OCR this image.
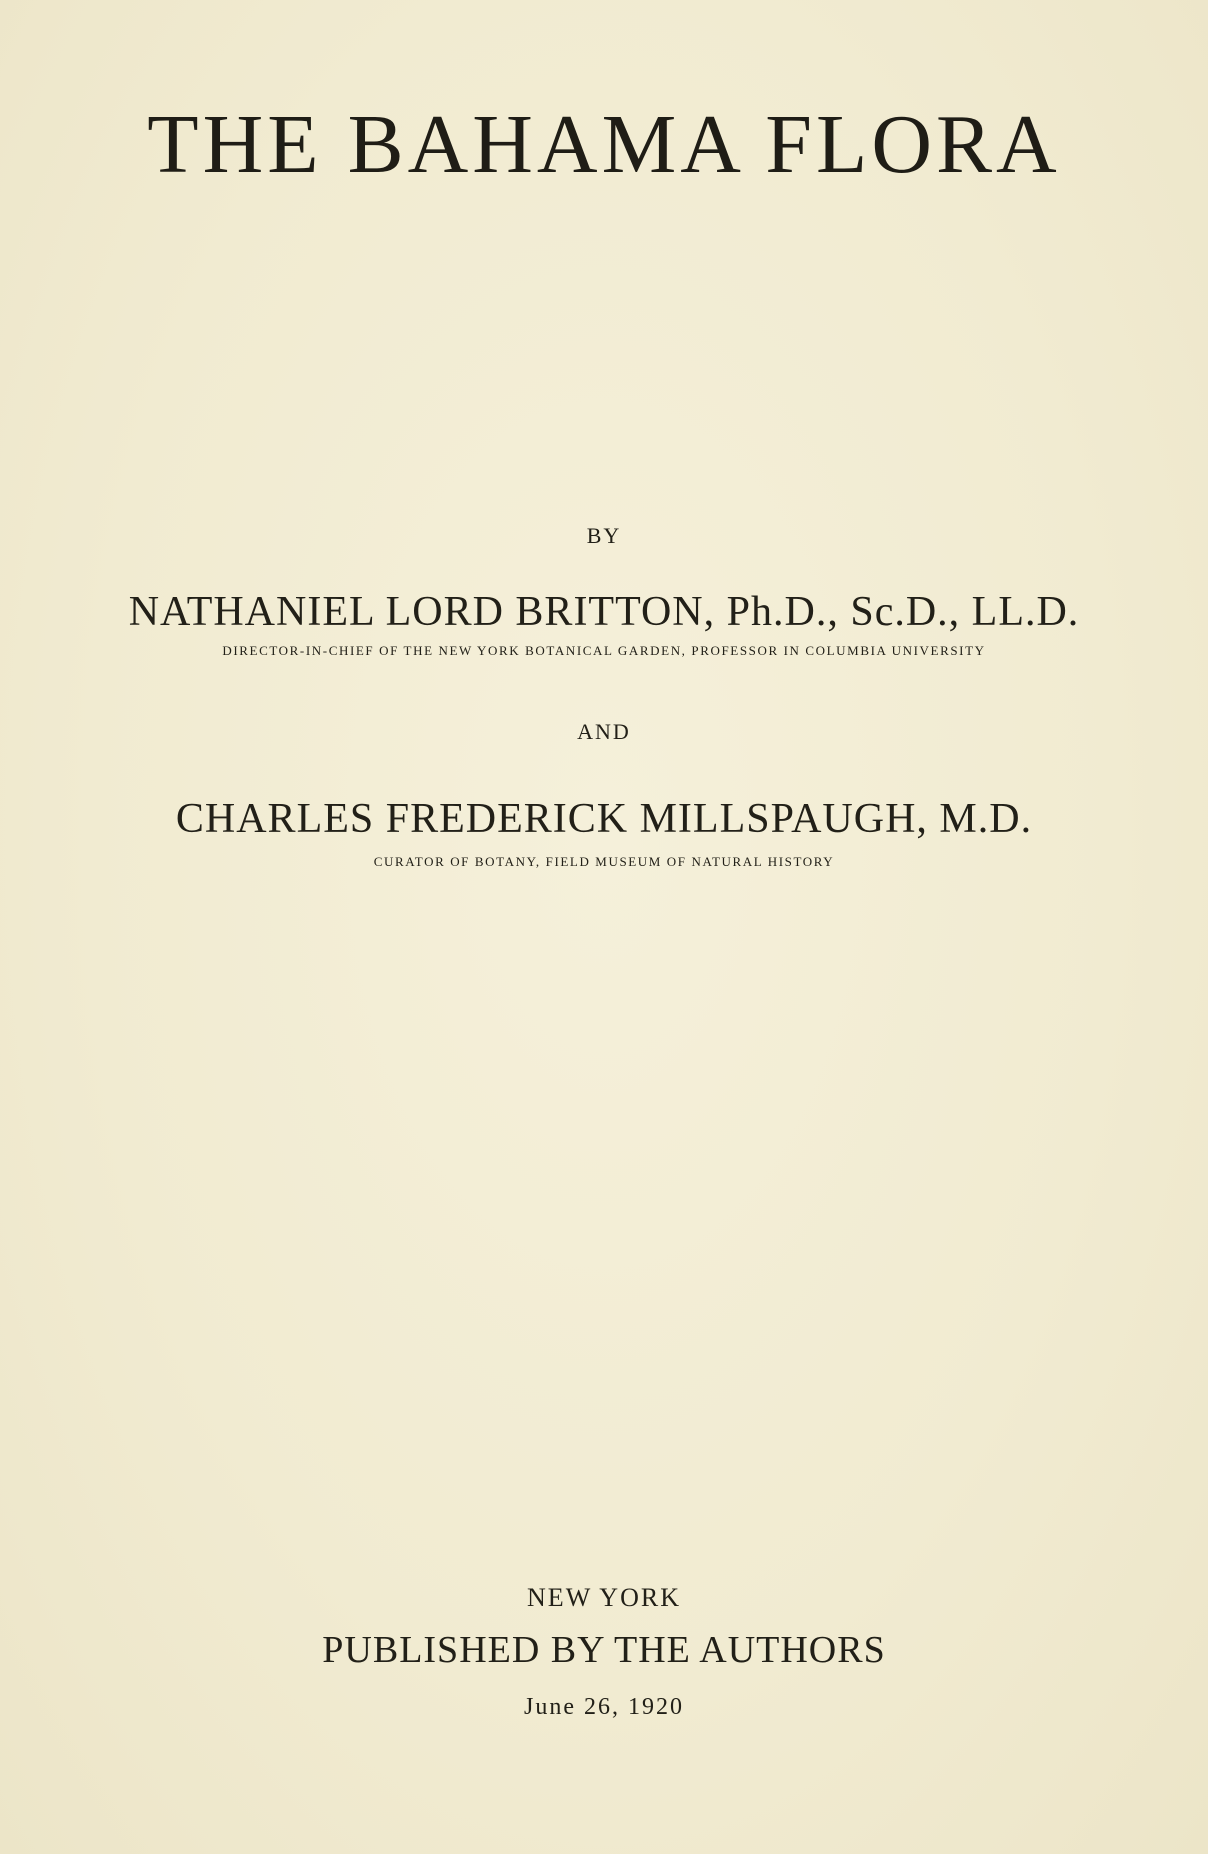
THE BAHAMA FLORA
BY
NATHANIEL LORD BRITTON, Ph.D., Sc.D., LL.D.
DIRECTOR-IN-CHIEF OF THE NEW YORK BOTANICAL GARDEN, PROFESSOR IN COLUMBIA UNIVERSITY
AND
CHARLES FREDERICK MILLSPAUGH, M.D.
CURATOR OF BOTANY, FIELD MUSEUM OF NATURAL HISTORY
NEW YORK
PUBLISHED BY THE AUTHORS
June 26, 1920
